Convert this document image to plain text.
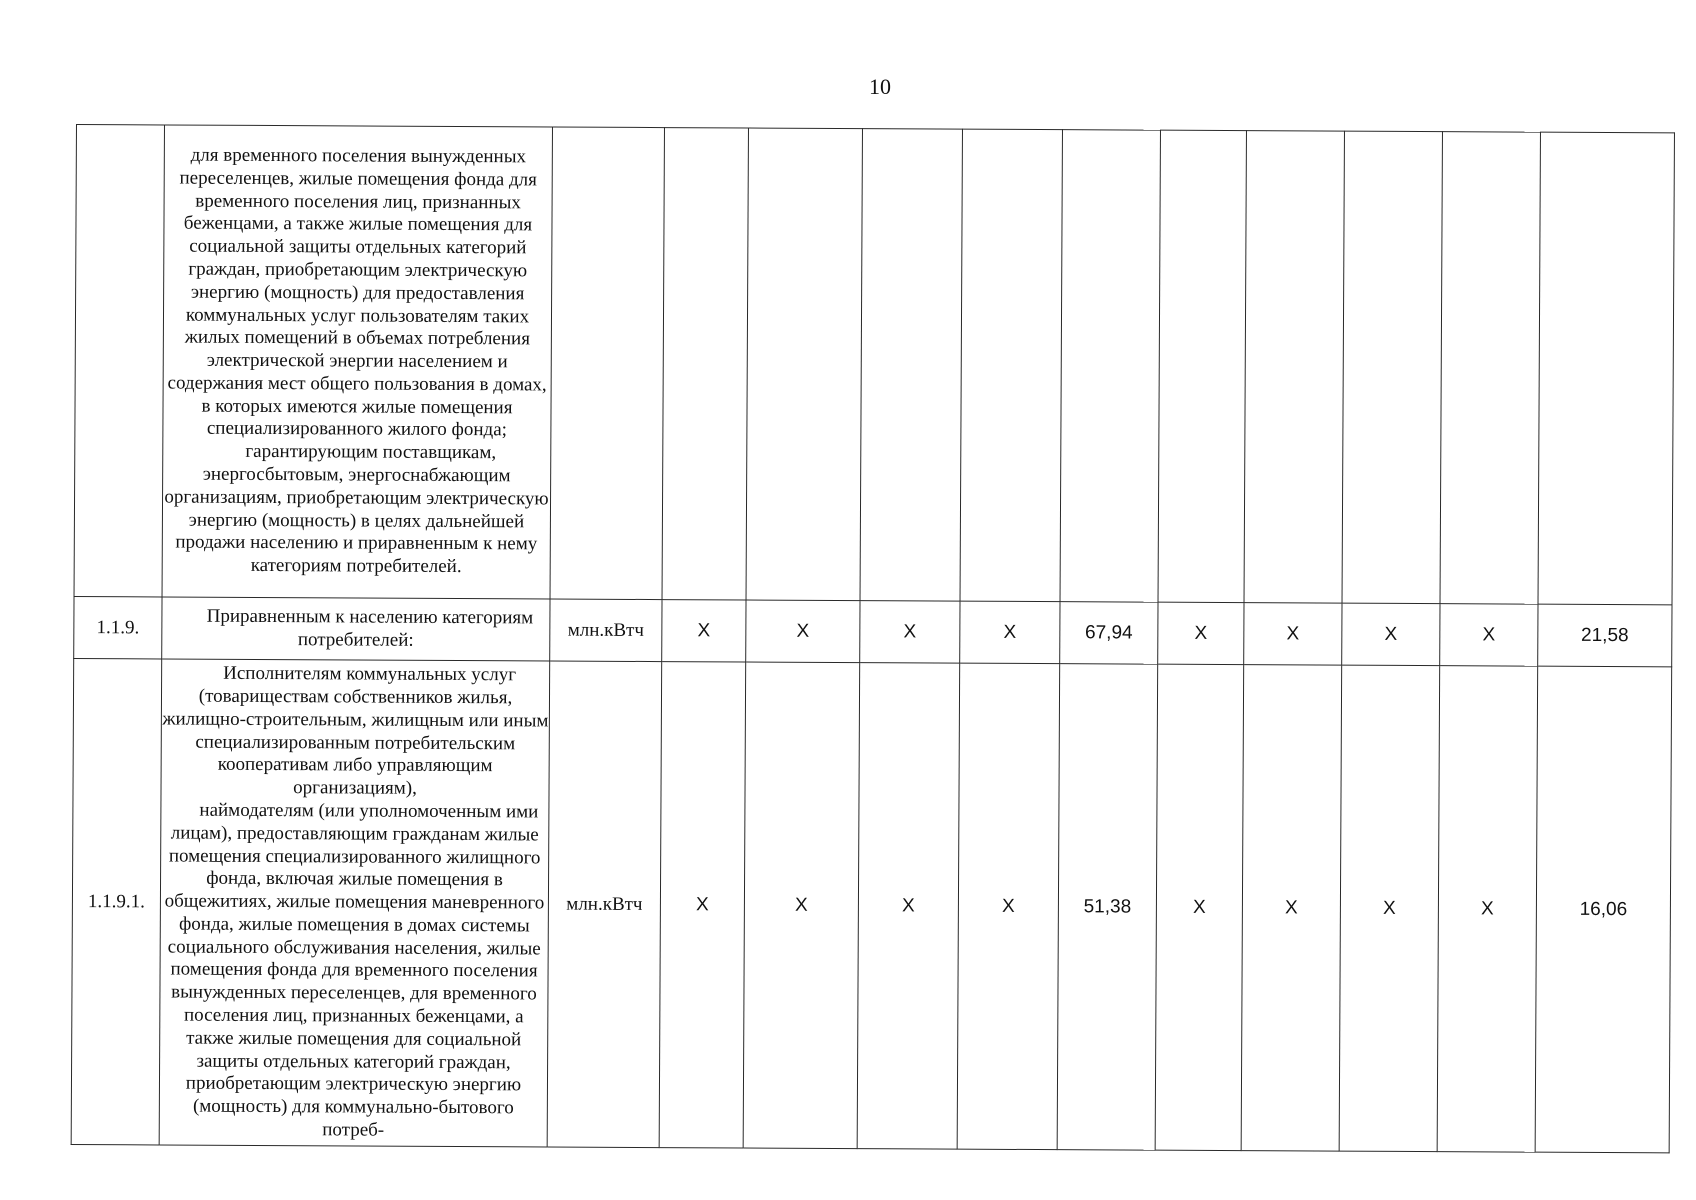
10

	для временного поселения вынужденных переселенцев, жилые помещения фонда для временного поселения лиц, признанных беженцами, а также жилые помещения для социальной защиты отдельных категорий граждан, приобретающим электрическую энергию (мощность) для предоставления коммунальных услуг пользователям таких жилых помещений в объемах потребления электрической энергии населением и содержания мест общего пользования в домах, в которых имеются жилые помещения специализированного жилого фонда;

гарантирующим поставщикам, энергосбытовым, энергоснабжающим организациям, приобретающим электрическую энергию (мощность) в целях дальнейшей продажи населению и приравненным к нему категориям потребителей.											

1.1.9.	Приравненным к населению категориям потребителей:	млн.кВтч	X	X	X	X	67,94	X	X	X	X	21,58
1.1.9.1.	Исполнителям коммунальных услуг (товариществам собственников жилья, жилищно-строительным, жилищным или иным специализированным потребительским кооперативам либо управляющим организациям),

наймодателям (или уполномоченным ими лицам), предоставляющим гражданам жилые помещения специализированного жилищного фонда, включая жилые помещения в общежитиях, жилые помещения маневренного фонда, жилые помещения в домах системы социального обслуживания населения, жилые помещения фонда для временного поселения вынужденных переселенцев, для временного поселения лиц, признанных беженцами, а также жилые помещения для социальной защиты отдельных категорий граждан, приобретающим электрическую энергию (мощность) для коммунально-бытового потреб-	млн.кВтч	X	X	X	X	51,38	X	X	X	X	16,06
